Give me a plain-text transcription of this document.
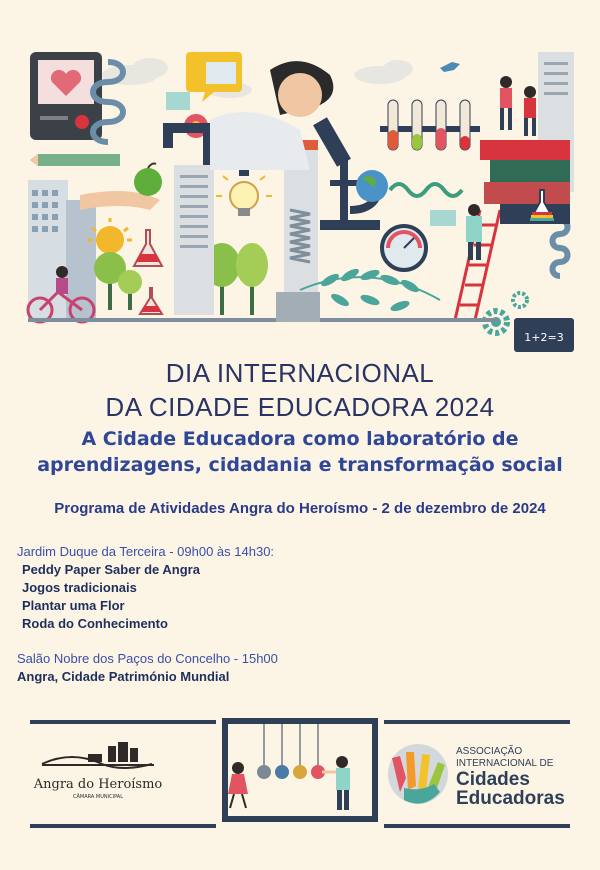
1+2=3
DIA INTERNACIONAL
DA CIDADE EDUCADORA 2024
A Cidade Educadora como laboratório de
aprendizagens, cidadania e transformação social
Programa de Atividades Angra do Heroísmo - 2 de dezembro de 2024
Jardim Duque da Terceira - 09h00 às 14h30:
Peddy Paper Saber de Angra
Jogos tradicionais
Plantar uma Flor
Roda do Conhecimento
Salão Nobre dos Paços do Concelho - 15h00
Angra, Cidade Património Mundial
Angra do Heroísmo
CÂMARA MUNICIPAL
ASSOCIAÇÃO
INTERNACIONAL DE
Cidades
Educadoras
